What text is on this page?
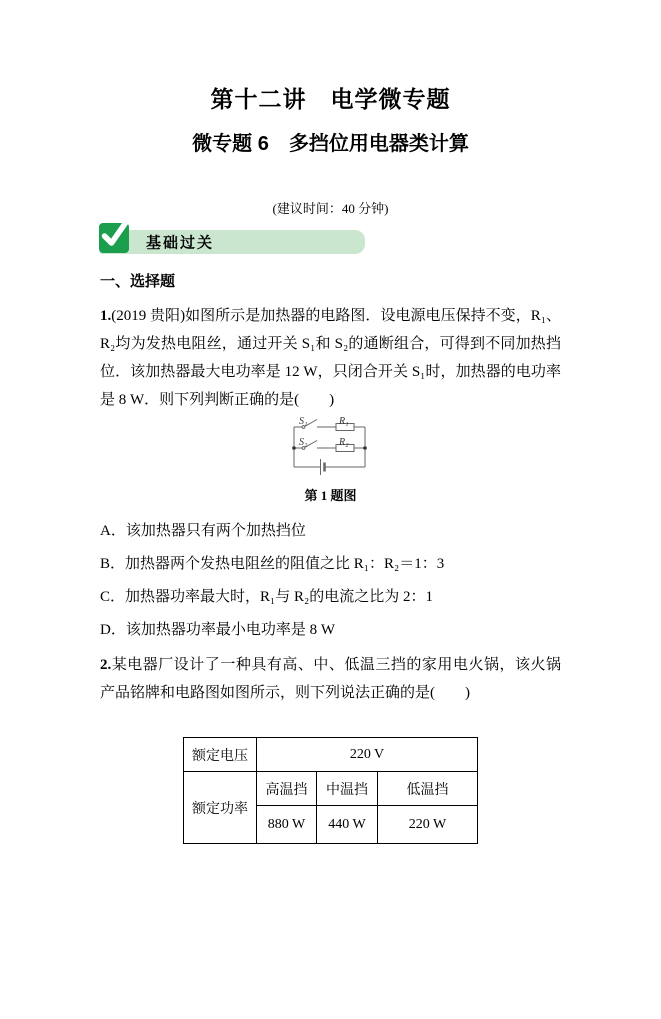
第十二讲　电学微专题
微专题 6　多挡位用电器类计算
(建议时间：40 分钟)
基础过关
一、选择题

1.(2019 贵阳)如图所示是加热器的电路图．设电源电压保持不变，R₁、R₂均为发热电阻丝，通过开关 S₁和 S₂的通断组合，可得到不同加热挡位．该加热器最大电功率是 12 W，只闭合开关 S₁时，加热器的电功率是 8 W．则下列判断正确的是(　　)

S₁	R₁
S₂	R₂
第 1 题图
A．该加热器只有两个加热挡位
B．加热器两个发热电阻丝的阻值之比 R₁：R₂＝1：3
C．加热器功率最大时，R₁与 R₂的电流之比为 2：1
D．该加热器功率最小电功率是 8 W

2.某电器厂设计了一种具有高、中、低温三挡的家用电火锅，该火锅产品铭牌和电路图如图所示，则下列说法正确的是(　　)

额定电压	220 V		
额定功率	高温挡	中温挡	低温挡
	880 W	440 W	220 W
